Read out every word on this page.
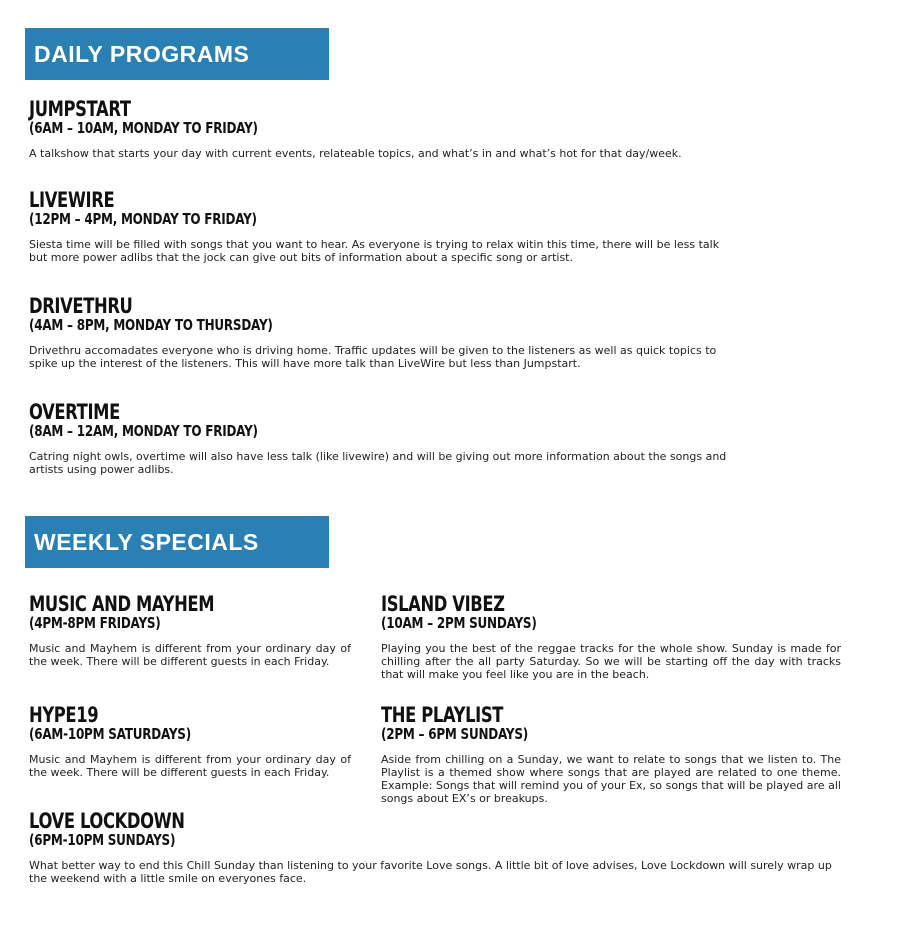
DAILY PROGRAMS
JUMPSTART
(6AM – 10AM, MONDAY TO FRIDAY)
A talkshow that starts your day with current events, relateable topics, and what’s in and what’s hot for that day/week.
LIVEWIRE
(12PM – 4PM, MONDAY TO FRIDAY)
Siesta time will be filled with songs that you want to hear. As everyone is trying to relax witin this time, there will be less talk but more power adlibs that the jock can give out bits of information about a specific song or artist.
DRIVETHRU
(4AM – 8PM, MONDAY TO THURSDAY)
Drivethru accomadates everyone who is driving home. Traffic updates will be given to the listeners as well as quick topics to spike up the interest of the listeners. This will have more talk than LiveWire but less than Jumpstart.
OVERTIME
(8AM – 12AM, MONDAY TO FRIDAY)
Catring night owls, overtime will also have less talk (like livewire) and will be giving out more information about the songs and artists using power adlibs.
WEEKLY SPECIALS
MUSIC AND MAYHEM
(4PM-8PM FRIDAYS)
Music and Mayhem is different from your ordinary day of the week. There will be different guests in each Friday.
ISLAND VIBEZ
(10AM – 2PM SUNDAYS)
Playing you the best of the reggae tracks for the whole show. Sunday is made for chilling after the all party Saturday. So we will be starting off the day with tracks that will make you feel like you are in the beach.
HYPE19
(6AM-10PM SATURDAYS)
Music and Mayhem is different from your ordinary day of the week. There will be different guests in each Friday.
THE PLAYLIST
(2PM – 6PM SUNDAYS)
Aside from chilling on a Sunday, we want to relate to songs that we listen to. The Playlist is a themed show where songs that are played are related to one theme. Example: Songs that will remind you of your Ex, so songs that will be played are all songs about EX’s or breakups.
LOVE LOCKDOWN
(6PM-10PM SUNDAYS)
What better way to end this Chill Sunday than listening to your favorite Love songs. A little bit of love advises, Love Lockdown will surely wrap up the weekend with a little smile on everyones face.
